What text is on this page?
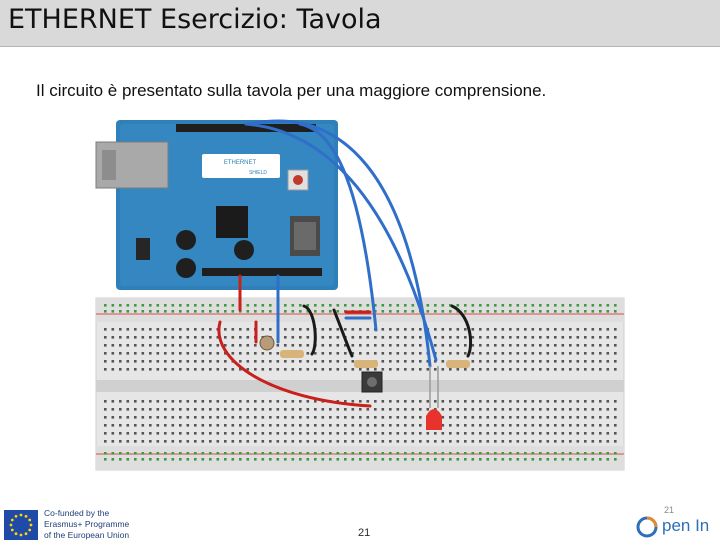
ETHERNET Esercizio: Tavola
Il circuito è presentato sulla tavola per una maggiore comprensione.
ETHERNET
SHIELD
Co-funded by the
Erasmus+ Programme
of the European Union
21
21	pen In
